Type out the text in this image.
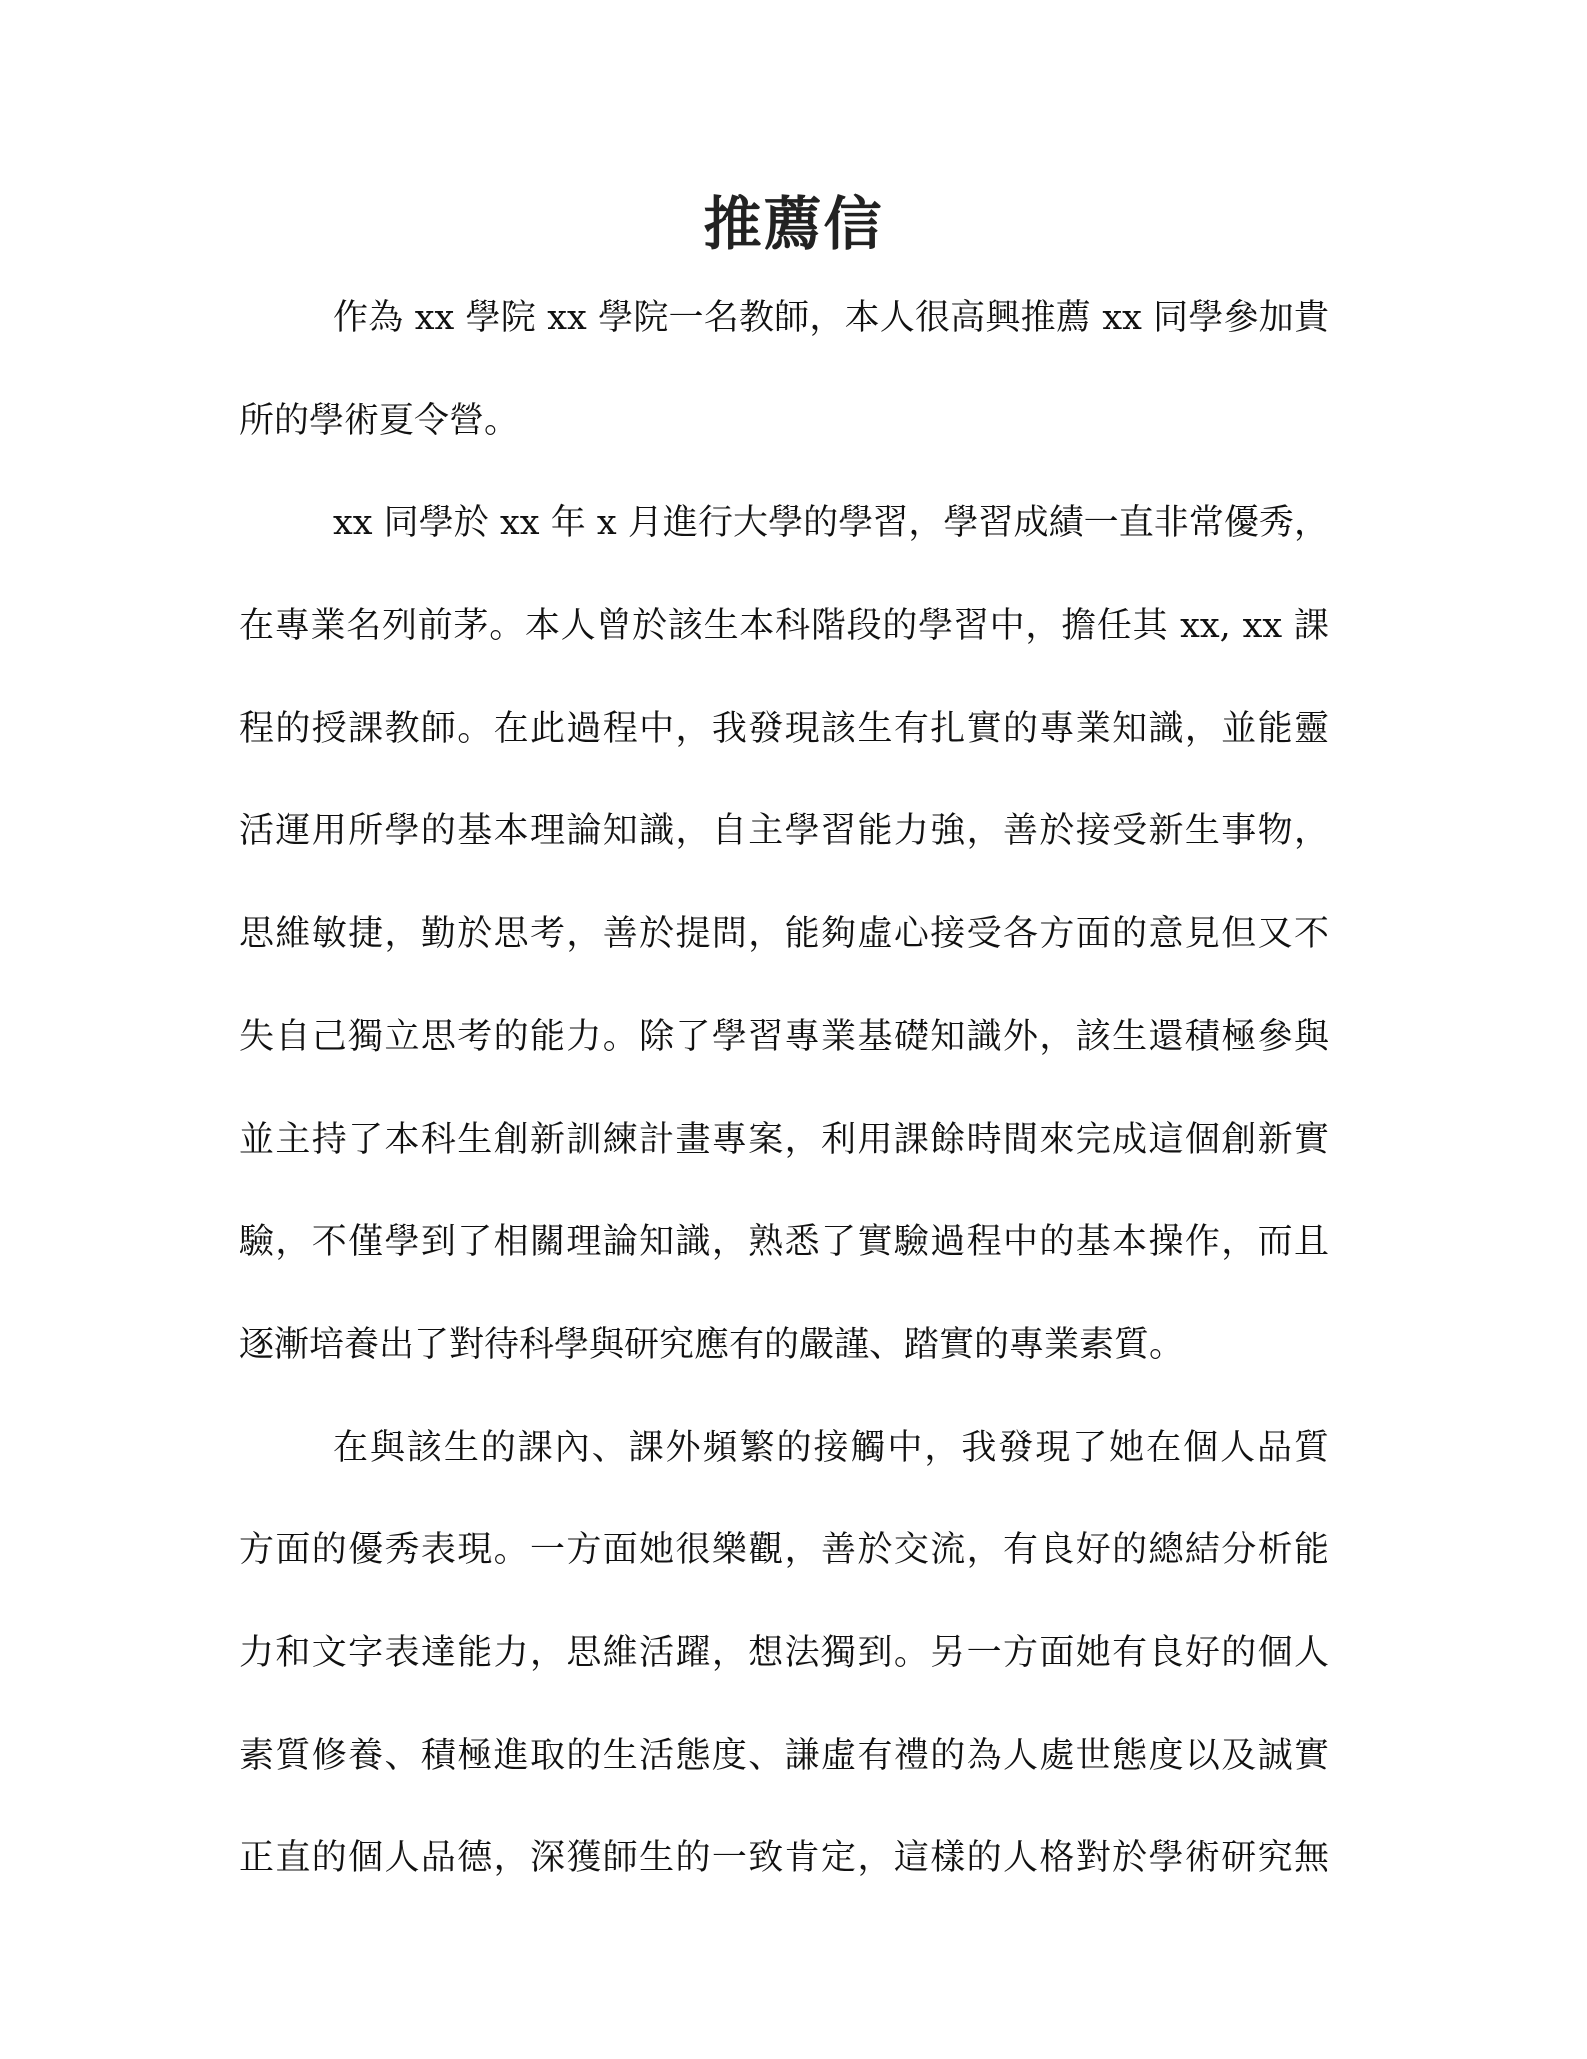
推薦信
作為 xx 學院 xx 學院一名教師，本人很高興推薦 xx 同學參加貴
所的學術夏令營。
xx 同學於 xx 年 x 月進行大學的學習，學習成績一直非常優秀，
在專業名列前茅。本人曾於該生本科階段的學習中，擔任其 xx, xx 課
程的授課教師。在此過程中，我發現該生有扎實的專業知識，並能靈
活運用所學的基本理論知識，自主學習能力強，善於接受新生事物，
思維敏捷，勤於思考，善於提問，能夠虛心接受各方面的意見但又不
失自己獨立思考的能力。除了學習專業基礎知識外，該生還積極參與
並主持了本科生創新訓練計畫專案，利用課餘時間來完成這個創新實
驗，不僅學到了相關理論知識，熟悉了實驗過程中的基本操作，而且
逐漸培養出了對待科學與研究應有的嚴謹、踏實的專業素質。
在與該生的課內、課外頻繁的接觸中，我發現了她在個人品質
方面的優秀表現。一方面她很樂觀，善於交流，有良好的總結分析能
力和文字表達能力，思維活躍，想法獨到。另一方面她有良好的個人
素質修養、積極進取的生活態度、謙虛有禮的為人處世態度以及誠實
正直的個人品德，深獲師生的一致肯定，這樣的人格對於學術研究無
